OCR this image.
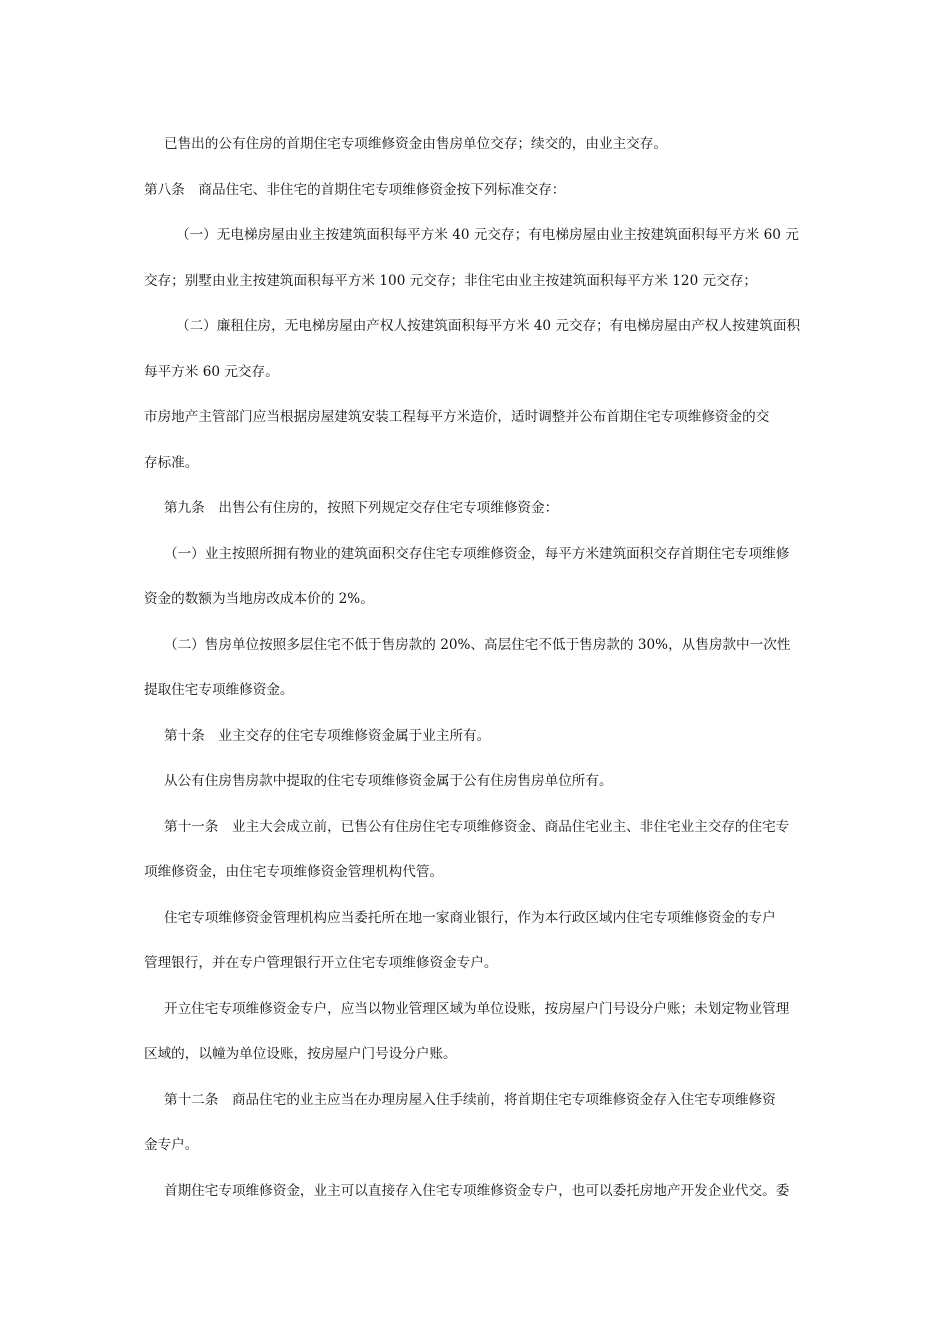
已售出的公有住房的首期住宅专项维修资金由售房单位交存；续交的，由业主交存。

第八条　商品住宅、非住宅的首期住宅专项维修资金按下列标准交存：

（一）无电梯房屋由业主按建筑面积每平方米 40 元交存；有电梯房屋由业主按建筑面积每平方米 60 元

交存；别墅由业主按建筑面积每平方米 100 元交存；非住宅由业主按建筑面积每平方米 120 元交存；

（二）廉租住房，无电梯房屋由产权人按建筑面积每平方米 40 元交存；有电梯房屋由产权人按建筑面积

每平方米 60 元交存。

市房地产主管部门应当根据房屋建筑安装工程每平方米造价，适时调整并公布首期住宅专项维修资金的交

存标准。

第九条　出售公有住房的，按照下列规定交存住宅专项维修资金：

（一）业主按照所拥有物业的建筑面积交存住宅专项维修资金，每平方米建筑面积交存首期住宅专项维修

资金的数额为当地房改成本价的 2%。

（二）售房单位按照多层住宅不低于售房款的 20%、高层住宅不低于售房款的 30%，从售房款中一次性

提取住宅专项维修资金。

第十条　业主交存的住宅专项维修资金属于业主所有。

从公有住房售房款中提取的住宅专项维修资金属于公有住房售房单位所有。

第十一条　业主大会成立前，已售公有住房住宅专项维修资金、商品住宅业主、非住宅业主交存的住宅专

项维修资金，由住宅专项维修资金管理机构代管。

住宅专项维修资金管理机构应当委托所在地一家商业银行，作为本行政区域内住宅专项维修资金的专户

管理银行，并在专户管理银行开立住宅专项维修资金专户。

开立住宅专项维修资金专户，应当以物业管理区域为单位设账，按房屋户门号设分户账；未划定物业管理

区域的，以幢为单位设账，按房屋户门号设分户账。

第十二条　商品住宅的业主应当在办理房屋入住手续前，将首期住宅专项维修资金存入住宅专项维修资

金专户。

首期住宅专项维修资金，业主可以直接存入住宅专项维修资金专户，也可以委托房地产开发企业代交。委
